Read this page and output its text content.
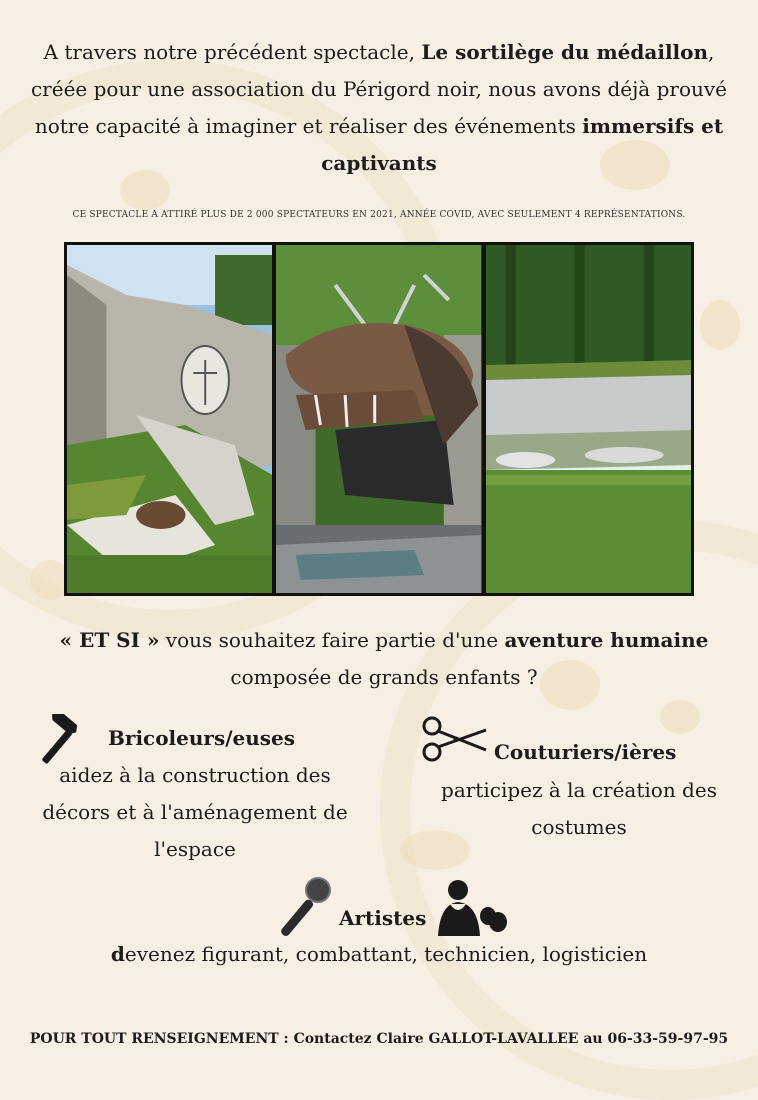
A travers notre précédent spectacle, Le sortilège du médaillon, créée pour une association du Périgord noir, nous avons déjà prouvé notre capacité à imaginer et réaliser des événements immersifs et captivants
CE SPECTACLE A ATTIRÉ PLUS DE 2 000 SPECTATEURS EN 2021, ANNÉE COVID, AVEC SEULEMENT 4 REPRÉSENTATIONS.
« ET SI » vous souhaitez faire partie d'une aventure humaine composée de grands enfants ?
Bricoleurs/euses
aidez à la construction des décors et à l'aménagement de l'espace
Couturiers/ières
participez à la création des costumes
Artistes
devenez figurant, combattant, technicien, logisticien
POUR TOUT RENSEIGNEMENT : Contactez Claire GALLOT-LAVALLEE au 06-33-59-97-95
